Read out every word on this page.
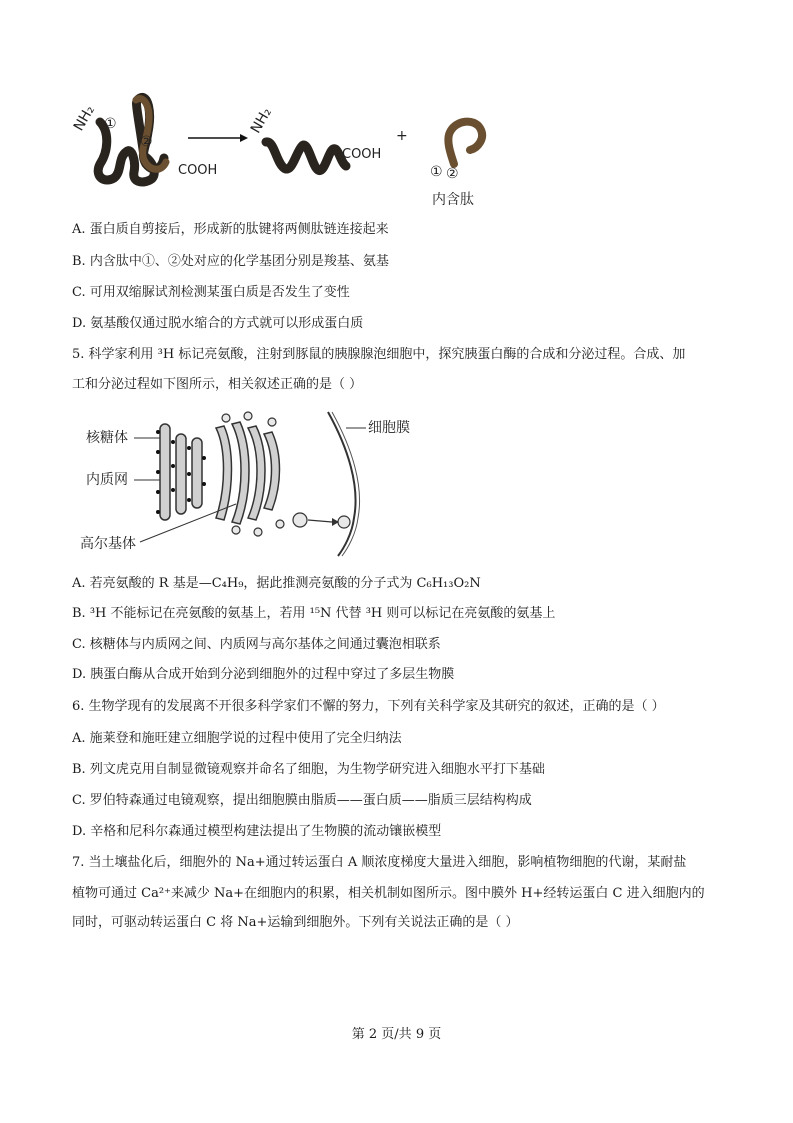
NH₂ ①
②
COOH
NH₂
COOH
+
① ②
内含肽
A. 蛋白质自剪接后，形成新的肽键将两侧肽链连接起来
B. 内含肽中①、②处对应的化学基团分别是羧基、氨基
C. 可用双缩脲试剂检测某蛋白质是否发生了变性
D. 氨基酸仅通过脱水缩合的方式就可以形成蛋白质
5. 科学家利用 ³H 标记亮氨酸，注射到豚鼠的胰腺腺泡细胞中，探究胰蛋白酶的合成和分泌过程。合成、加
工和分泌过程如下图所示，相关叙述正确的是（ ）
细胞膜
核糖体
内质网
高尔基体
A. 若亮氨酸的 R 基是—C₄H₉，据此推测亮氨酸的分子式为 C₆H₁₃O₂N
B. ³H 不能标记在亮氨酸的氨基上，若用 ¹⁵N 代替 ³H 则可以标记在亮氨酸的氨基上
C. 核糖体与内质网之间、内质网与高尔基体之间通过囊泡相联系
D. 胰蛋白酶从合成开始到分泌到细胞外的过程中穿过了多层生物膜
6. 生物学现有的发展离不开很多科学家们不懈的努力，下列有关科学家及其研究的叙述，正确的是（ ）
A. 施莱登和施旺建立细胞学说的过程中使用了完全归纳法
B. 列文虎克用自制显微镜观察并命名了细胞，为生物学研究进入细胞水平打下基础
C. 罗伯特森通过电镜观察，提出细胞膜由脂质——蛋白质——脂质三层结构构成
D. 辛格和尼科尔森通过模型构建法提出了生物膜的流动镶嵌模型
7. 当土壤盐化后，细胞外的 Na+通过转运蛋白 A 顺浓度梯度大量进入细胞，影响植物细胞的代谢，某耐盐
植物可通过 Ca²⁺来减少 Na+在细胞内的积累，相关机制如图所示。图中膜外 H+经转运蛋白 C 进入细胞内的
同时，可驱动转运蛋白 C 将 Na+运输到细胞外。下列有关说法正确的是（ ）
第 2 页/共 9 页
